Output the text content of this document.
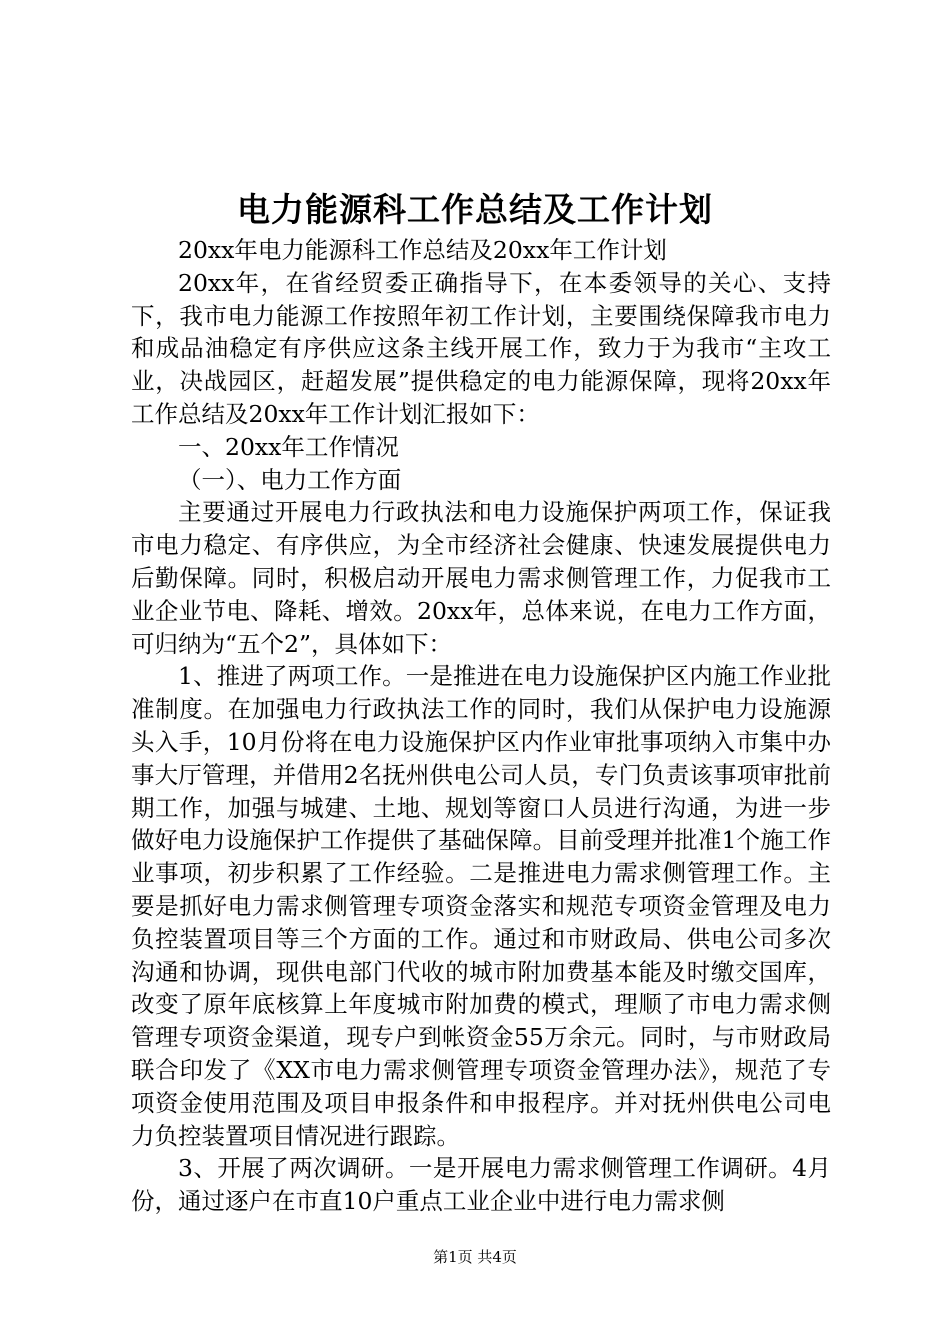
电力能源科工作总结及工作计划

20xx年电力能源科工作总结及20xx年工作计划

20xx年，在省经贸委正确指导下，在本委领导的关心、支持下，我市电力能源工作按照年初工作计划，主要围绕保障我市电力和成品油稳定有序供应这条主线开展工作，致力于为我市“主攻工业，决战园区，赶超发展”提供稳定的电力能源保障，现将20xx年工作总结及20xx年工作计划汇报如下：

一、20xx年工作情况

（一）、电力工作方面

主要通过开展电力行政执法和电力设施保护两项工作，保证我市电力稳定、有序供应，为全市经济社会健康、快速发展提供电力后勤保障。同时，积极启动开展电力需求侧管理工作，力促我市工业企业节电、降耗、增效。20xx年，总体来说，在电力工作方面，可归纳为“五个2”，具体如下：

1、推进了两项工作。一是推进在电力设施保护区内施工作业批准制度。在加强电力行政执法工作的同时，我们从保护电力设施源头入手，10月份将在电力设施保护区内作业审批事项纳入市集中办事大厅管理，并借用2名抚州供电公司人员，专门负责该事项审批前期工作，加强与城建、土地、规划等窗口人员进行沟通，为进一步做好电力设施保护工作提供了基础保障。目前受理并批准1个施工作业事项，初步积累了工作经验。二是推进电力需求侧管理工作。主要是抓好电力需求侧管理专项资金落实和规范专项资金管理及电力负控装置项目等三个方面的工作。通过和市财政局、供电公司多次沟通和协调，现供电部门代收的城市附加费基本能及时缴交国库，改变了原年底核算上年度城市附加费的模式，理顺了市电力需求侧管理专项资金渠道，现专户到帐资金55万余元。同时，与市财政局联合印发了《XX市电力需求侧管理专项资金管理办法》，规范了专项资金使用范围及项目申报条件和申报程序。并对抚州供电公司电力负控装置项目情况进行跟踪。

3、开展了两次调研。一是开展电力需求侧管理工作调研。4月份，通过逐户在市直10户重点工业企业中进行电力需求侧

第1页 共4页
